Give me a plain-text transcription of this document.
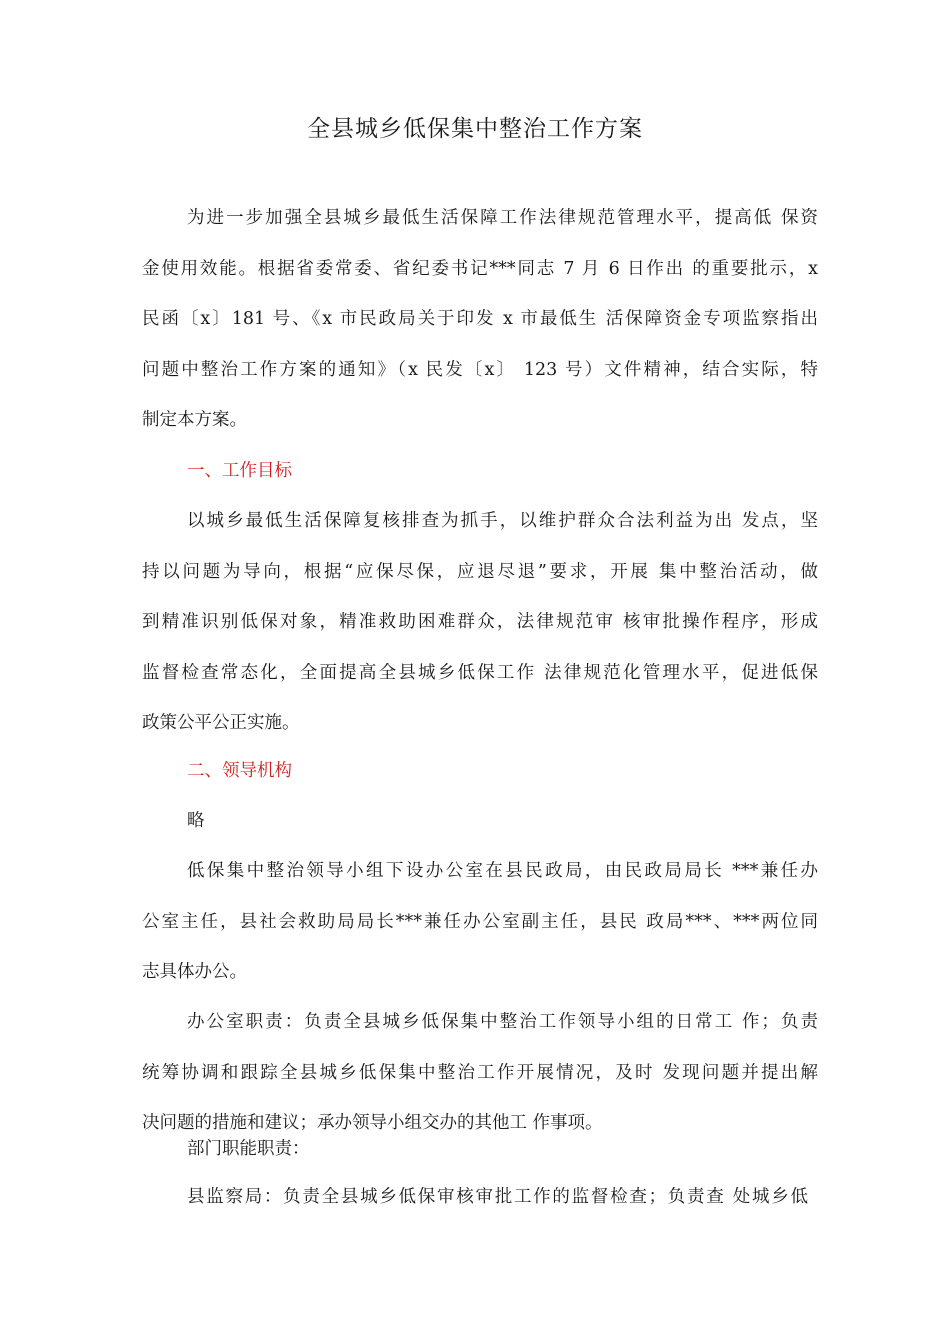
全县城乡低保集中整治工作方案
为进一步加强全县城乡最低生活保障工作法律规范管理水平，提高低 保资
金使用效能。根据省委常委、省纪委书记***同志 7 月 6 日作出 的重要批示，x
民函〔x〕181 号、《x 市民政局关于印发 x 市最低生 活保障资金专项监察指出
问题中整治工作方案的通知》（x 民发〔x〕 123 号）文件精神，结合实际，特
制定本方案。
一、工作目标
以城乡最低生活保障复核排查为抓手，以维护群众合法利益为出 发点，坚
持以问题为导向，根据“应保尽保，应退尽退”要求，开展 集中整治活动，做
到精准识别低保对象，精准救助困难群众，法律规范审 核审批操作程序，形成
监督检查常态化，全面提高全县城乡低保工作 法律规范化管理水平，促进低保
政策公平公正实施。
二、领导机构
略
低保集中整治领导小组下设办公室在县民政局，由民政局局长 ***兼任办
公室主任，县社会救助局局长***兼任办公室副主任，县民 政局***、***两位同
志具体办公。
办公室职责：负责全县城乡低保集中整治工作领导小组的日常工 作；负责
统筹协调和跟踪全县城乡低保集中整治工作开展情况，及时 发现问题并提出解
决问题的措施和建议；承办领导小组交办的其他工 作事项。
部门职能职责：
县监察局：负责全县城乡低保审核审批工作的监督检查；负责查 处城乡低
